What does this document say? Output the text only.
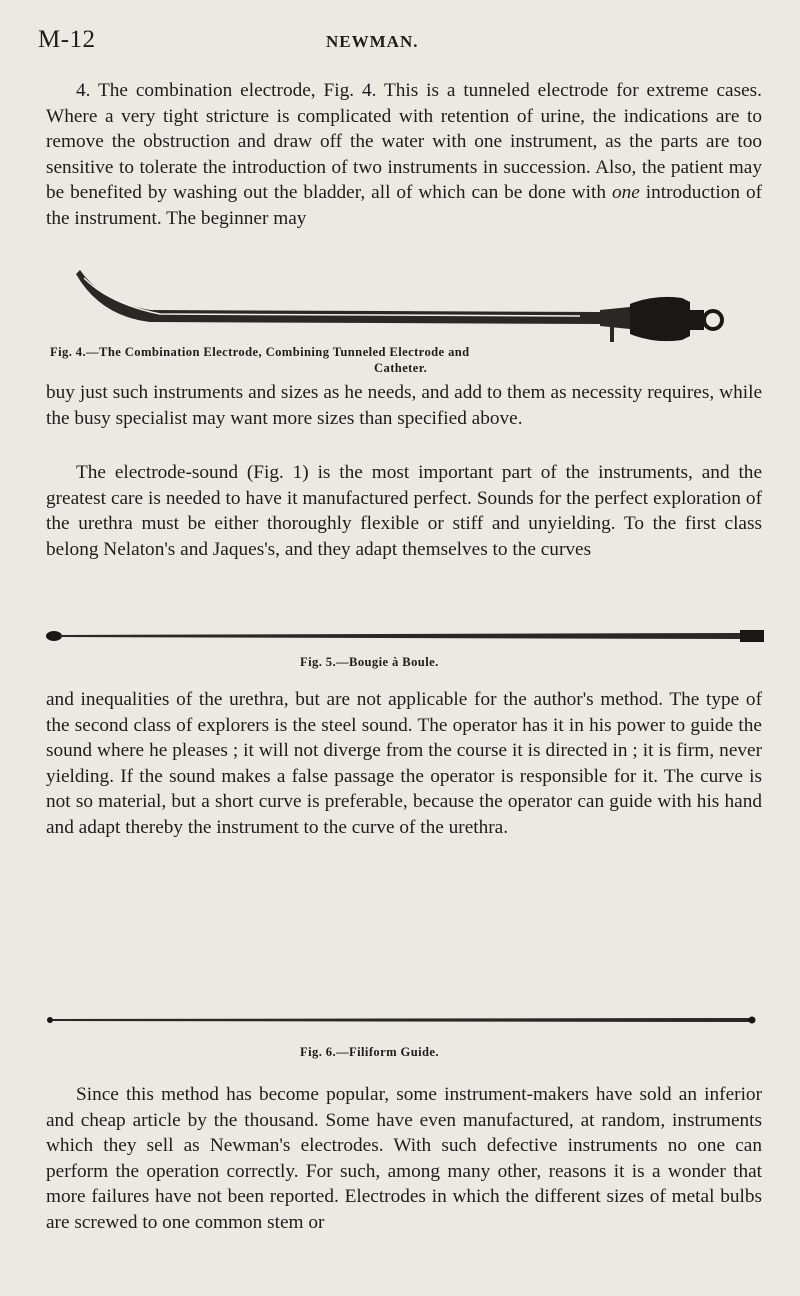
M-12	NEWMAN.

4. The combination electrode, Fig. 4. This is a tunneled electrode for extreme cases. Where a very tight stricture is complicated with retention of urine, the indications are to remove the obstruction and draw off the water with one instrument, as the parts are too sensitive to tolerate the introduction of two instruments in succession. Also, the patient may be benefited by washing out the bladder, all of which can be done with one introduction of the instrument. The beginner may

Fig. 4.—The Combination Electrode, Combining Tunneled Electrode and
Catheter.

buy just such instruments and sizes as he needs, and add to them as necessity requires, while the busy specialist may want more sizes than specified above.

The electrode-sound (Fig. 1) is the most important part of the instruments, and the greatest care is needed to have it manufactured perfect. Sounds for the perfect exploration of the urethra must be either thoroughly flexible or stiff and unyielding. To the first class belong Nelaton's and Jaques's, and they adapt themselves to the curves

Fig. 5.—Bougie à Boule.

and inequalities of the urethra, but are not applicable for the author's method. The type of the second class of explorers is the steel sound. The operator has it in his power to guide the sound where he pleases ; it will not diverge from the course it is directed in ; it is firm, never yielding. If the sound makes a false passage the operator is responsible for it. The curve is not so material, but a short curve is preferable, because the operator can guide with his hand and adapt thereby the instrument to the curve of the urethra.

Fig. 6.—Filiform Guide.

Since this method has become popular, some instrument-makers have sold an inferior and cheap article by the thousand. Some have even manufactured, at random, instruments which they sell as Newman's electrodes. With such defective instruments no one can perform the operation correctly. For such, among many other, reasons it is a wonder that more failures have not been reported. Electrodes in which the different sizes of metal bulbs are screwed to one common stem or
